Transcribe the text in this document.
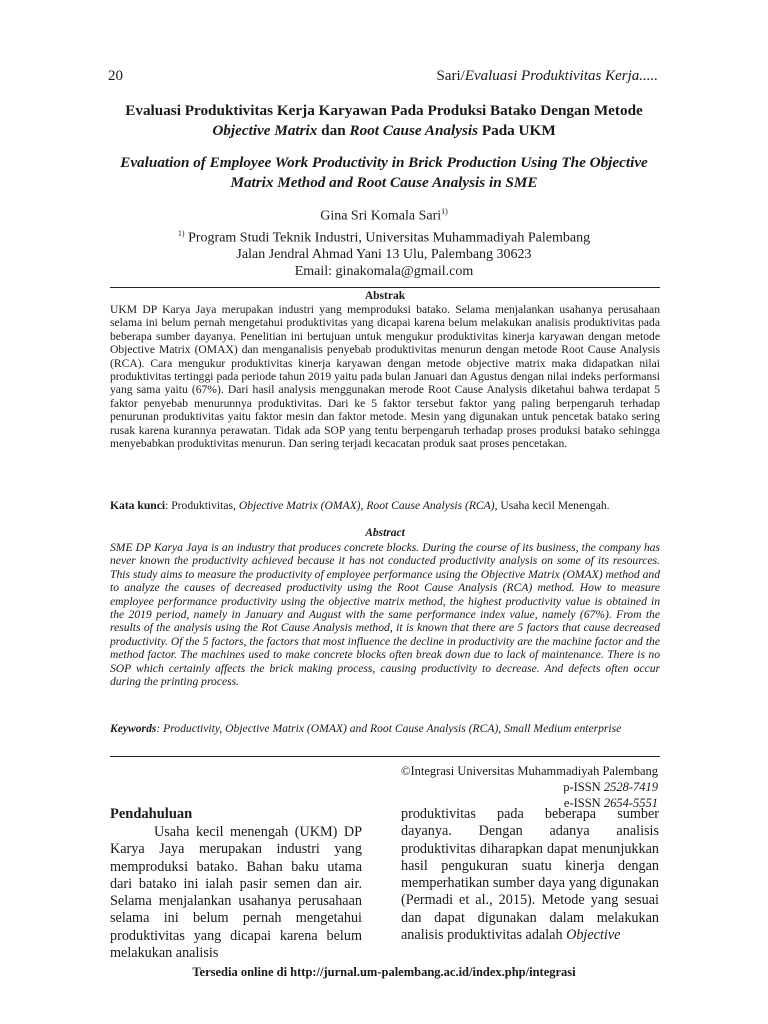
20	Sari/Evaluasi Produktivitas Kerja.....
Evaluasi Produktivitas Kerja Karyawan Pada Produksi Batako Dengan Metode
Objective Matrix dan Root Cause Analysis Pada UKM
Evaluation of Employee Work Productivity in Brick Production Using The Objective Matrix Method and Root Cause Analysis in SME
Gina Sri Komala Sari$^{1)}$
$^{1)}$ Program Studi Teknik Industri, Universitas Muhammadiyah Palembang
Jalan Jendral Ahmad Yani 13 Ulu, Palembang 30623
Email: ginakomala@gmail.com
Abstrak
UKM DP Karya Jaya merupakan industri yang memproduksi batako. Selama menjalankan usahanya perusahaan selama ini belum pernah mengetahui produktivitas yang dicapai karena belum melakukan analisis produktivitas pada beberapa sumber dayanya. Penelitian ini bertujuan untuk mengukur produktivitas kinerja karyawan dengan metode Objective Matrix (OMAX) dan menganalisis penyebab produktivitas menurun dengan metode Root Cause Analysis (RCA). Cara mengukur produktivitas kinerja karyawan dengan metode objective matrix maka didapatkan nilai produktivitas tertinggi pada periode tahun 2019 yaitu pada bulan Januari dan Agustus dengan nilai indeks performansi yang sama yaitu (67%). Dari hasil analysis menggunakan merode Root Cause Analysis diketahui bahwa terdapat 5 faktor penyebab menurunnya produktivitas. Dari ke 5 faktor tersebut faktor yang paling berpengaruh terhadap penurunan produktivitas yaitu faktor mesin dan faktor metode. Mesin yang digunakan untuk pencetak batako sering rusak karena kurannya perawatan. Tidak ada SOP yang tentu berpengaruh terhadap proses produksi batako sehingga menyebabkan produktivitas menurun. Dan sering terjadi kecacatan produk saat proses pencetakan.
Kata kunci: Produktivitas, Objective Matrix (OMAX), Root Cause Analysis (RCA), Usaha kecil Menengah.
Abstract
SME DP Karya Jaya is an industry that produces concrete blocks. During the course of its business, the company has never known the productivity achieved because it has not conducted productivity analysis on some of its resources. This study aims to measure the productivity of employee performance using the Objective Matrix (OMAX) method and to analyze the causes of decreased productivity using the Root Cause Analysis (RCA) method. How to measure employee performance productivity using the objective matrix method, the highest productivity value is obtained in the 2019 period, namely in January and August with the same performance index value, namely (67%). From the results of the analysis using the Rot Cause Analysis method, it is known that there are 5 factors that cause decreased productivity. Of the 5 factors, the factors that most influence the decline in productivity are the machine factor and the method factor. The machines used to make concrete blocks often break down due to lack of maintenance. There is no SOP which certainly affects the brick making process, causing productivity to decrease. And defects often occur during the printing process.
Keywords: Productivity, Objective Matrix (OMAX) and Root Cause Analysis (RCA), Small Medium enterprise
©Integrasi Universitas Muhammadiyah Palembang
p-ISSN 2528-7419
e-ISSN 2654-5551
Pendahuluan
Usaha kecil menengah (UKM) DP Karya Jaya merupakan industri yang memproduksi batako. Bahan baku utama dari batako ini ialah pasir semen dan air. Selama menjalankan usahanya perusahaan selama ini belum pernah mengetahui produktivitas yang dicapai karena belum melakukan analisis
produktivitas pada beberapa sumber dayanya. Dengan adanya analisis produktivitas diharapkan dapat menunjukkan hasil pengukuran suatu kinerja dengan memperhatikan sumber daya yang digunakan (Permadi et al., 2015). Metode yang sesuai dan dapat digunakan dalam melakukan analisis produktivitas adalah Objective
Tersedia online di http://jurnal.um-palembang.ac.id/index.php/integrasi
